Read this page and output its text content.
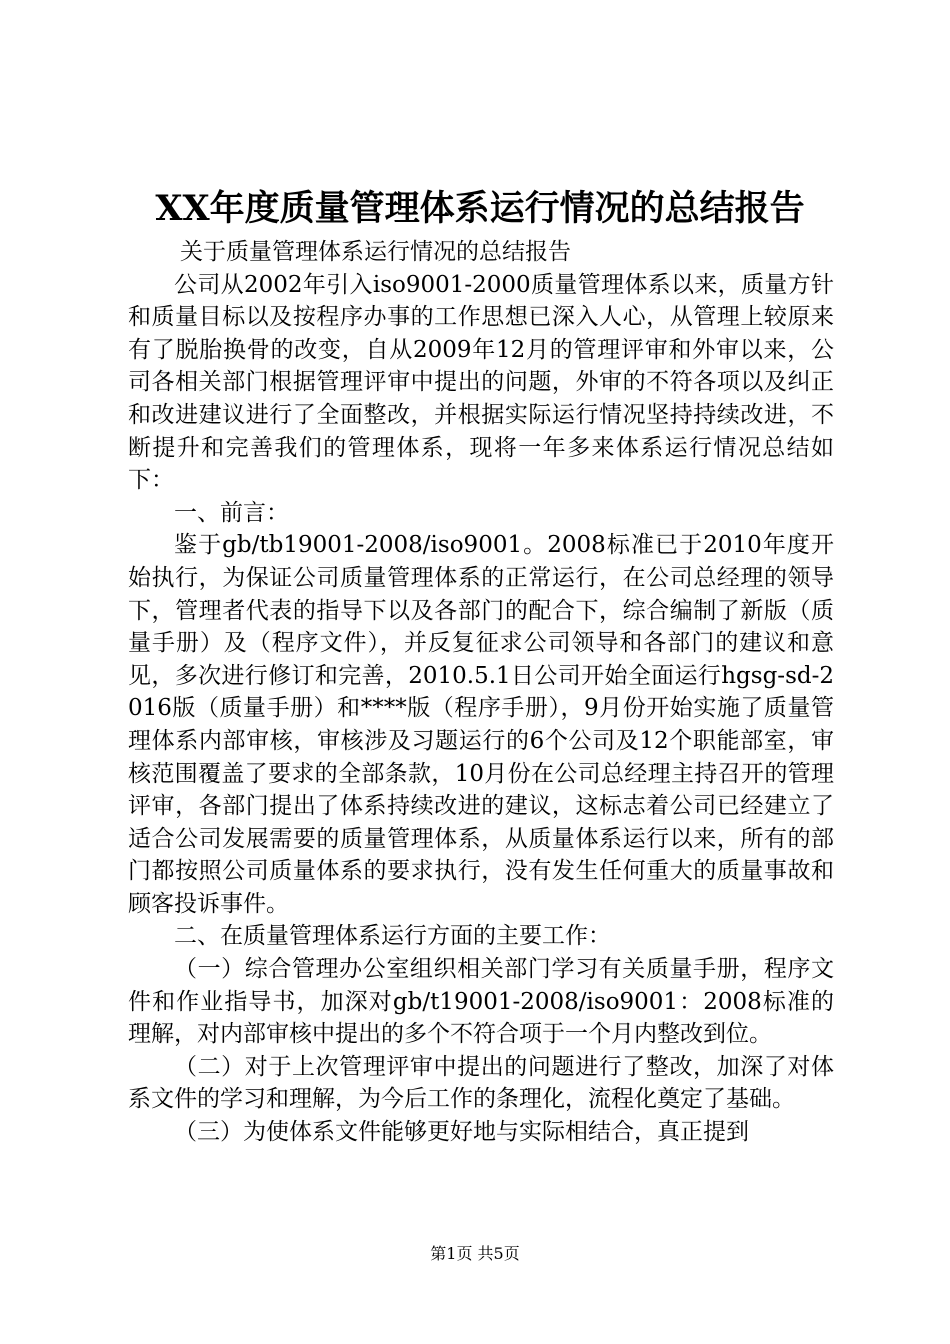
XX年度质量管理体系运行情况的总结报告

关于质量管理体系运行情况的总结报告

公司从2002年引入iso9001-2000质量管理体系以来，质量方针和质量目标以及按程序办事的工作思想已深入人心，从管理上较原来有了脱胎换骨的改变，自从2009年12月的管理评审和外审以来，公司各相关部门根据管理评审中提出的问题，外审的不符各项以及纠正和改进建议进行了全面整改，并根据实际运行情况坚持持续改进，不断提升和完善我们的管理体系，现将一年多来体系运行情况总结如下：

一、前言：

鉴于gb/tb19001-2008/iso9001。2008标准已于2010年度开始执行，为保证公司质量管理体系的正常运行，在公司总经理的领导下，管理者代表的指导下以及各部门的配合下，综合编制了新版（质量手册）及（程序文件），并反复征求公司领导和各部门的建议和意见，多次进行修订和完善，2010.5.1日公司开始全面运行hgsg-sd-2016版（质量手册）和****版（程序手册），9月份开始实施了质量管理体系内部审核，审核涉及习题运行的6个公司及12个职能部室，审核范围覆盖了要求的全部条款，10月份在公司总经理主持召开的管理评审，各部门提出了体系持续改进的建议，这标志着公司已经建立了适合公司发展需要的质量管理体系，从质量体系运行以来，所有的部门都按照公司质量体系的要求执行，没有发生任何重大的质量事故和顾客投诉事件。

二、在质量管理体系运行方面的主要工作：

（一）综合管理办公室组织相关部门学习有关质量手册，程序文件和作业指导书，加深对gb/t19001-2008/iso9001：2008标准的理解，对内部审核中提出的多个不符合项于一个月内整改到位。

（二）对于上次管理评审中提出的问题进行了整改，加深了对体系文件的学习和理解，为今后工作的条理化，流程化奠定了基础。

（三）为使体系文件能够更好地与实际相结合，真正提到

第1页 共5页
